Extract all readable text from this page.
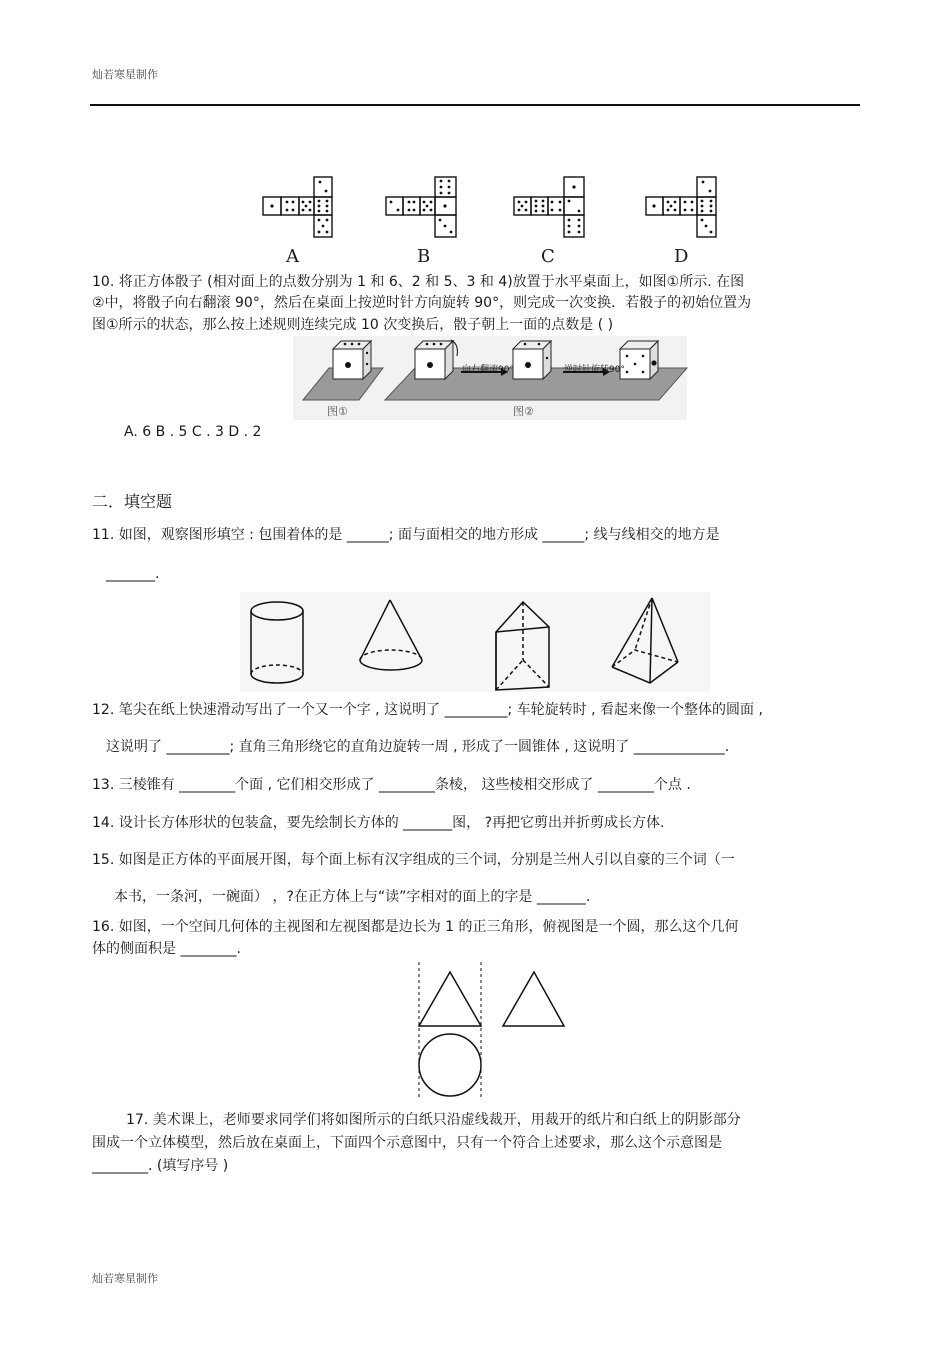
灿若寒星制作
A	B	C	D
10. 将正方体骰子 (相对面上的点数分别为 1 和 6、2 和 5、3 和 4)放置于水平桌面上，如图①所示. 在图
②中，将骰子向右翻滚 90°，然后在桌面上按逆时针方向旋转 90°，则完成一次变换．若骰子的初始位置为
图①所示的状态，那么按上述规则连续完成 10 次变换后，骰子朝上一面的点数是 ( )
向右翻滚90°	逆时针旋转90°
图①	图②
A. 6 B . 5 C . 3 D . 2
二．填空题
11. 如图，观察图形填空 : 包围着体的是 ______; 面与面相交的地方形成 ______; 线与线相交的地方是
_______.
12. 笔尖在纸上快速滑动写出了一个又一个字 , 这说明了 _________; 车轮旋转时 , 看起来像一个整体的圆面 ,
这说明了 _________; 直角三角形绕它的直角边旋转一周 , 形成了一圆锥体 , 这说明了 _____________.
13. 三棱锥有 ________个面 , 它们相交形成了 ________条棱， 这些棱相交形成了 ________个点 .
14. 设计长方体形状的包装盒，要先绘制长方体的 _______图， ?再把它剪出并折剪成长方体.
15. 如图是正方体的平面展开图，每个面上标有汉字组成的三个词，分别是兰州人引以自豪的三个词（一
本书，一条河，一碗面） ，?在正方体上与“读”字相对的面上的字是 _______.
16. 如图，一个空间几何体的主视图和左视图都是边长为 1 的正三角形，俯视图是一个圆，那么这个几何
体的侧面积是 ________.
17. 美术课上，老师要求同学们将如图所示的白纸只沿虚线裁开，用裁开的纸片和白纸上的阴影部分
围成一个立体模型，然后放在桌面上，下面四个示意图中，只有一个符合上述要求，那么这个示意图是
________. (填写序号 )
灿若寒星制作
